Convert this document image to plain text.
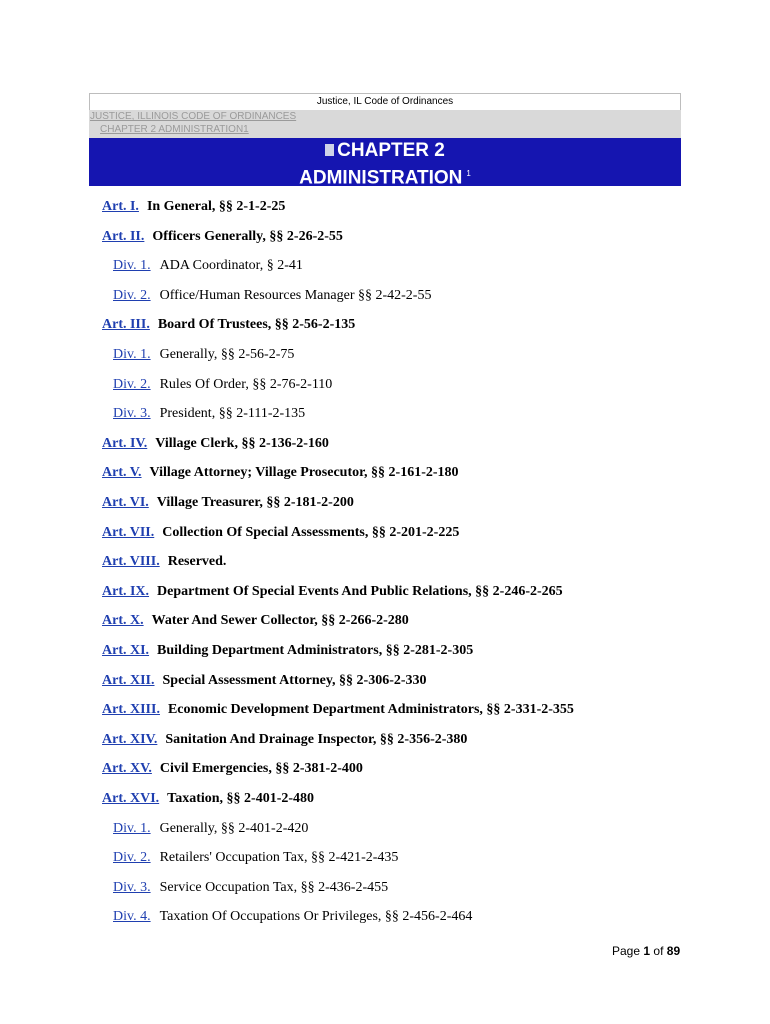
Justice, IL Code of Ordinances
JUSTICE, ILLINOIS CODE OF ORDINANCES
CHAPTER 2 ADMINISTRATION1
CHAPTER 2
ADMINISTRATION $^1$
Art. I. In General, §§ 2-1-2-25
Art. II. Officers Generally, §§ 2-26-2-55
Div. 1. ADA Coordinator, § 2-41
Div. 2. Office/Human Resources Manager §§ 2-42-2-55
Art. III. Board Of Trustees, §§ 2-56-2-135
Div. 1. Generally, §§ 2-56-2-75
Div. 2. Rules Of Order, §§ 2-76-2-110
Div. 3. President, §§ 2-111-2-135
Art. IV. Village Clerk, §§ 2-136-2-160
Art. V. Village Attorney; Village Prosecutor, §§ 2-161-2-180
Art. VI. Village Treasurer, §§ 2-181-2-200
Art. VII. Collection Of Special Assessments, §§ 2-201-2-225
Art. VIII. Reserved.
Art. IX. Department Of Special Events And Public Relations, §§ 2-246-2-265
Art. X. Water And Sewer Collector, §§ 2-266-2-280
Art. XI. Building Department Administrators, §§ 2-281-2-305
Art. XII. Special Assessment Attorney, §§ 2-306-2-330
Art. XIII. Economic Development Department Administrators, §§ 2-331-2-355
Art. XIV. Sanitation And Drainage Inspector, §§ 2-356-2-380
Art. XV. Civil Emergencies, §§ 2-381-2-400
Art. XVI. Taxation, §§ 2-401-2-480
Div. 1. Generally, §§ 2-401-2-420
Div. 2. Retailers' Occupation Tax, §§ 2-421-2-435
Div. 3. Service Occupation Tax, §§ 2-436-2-455
Div. 4. Taxation Of Occupations Or Privileges, §§ 2-456-2-464
Page 1 of 89
